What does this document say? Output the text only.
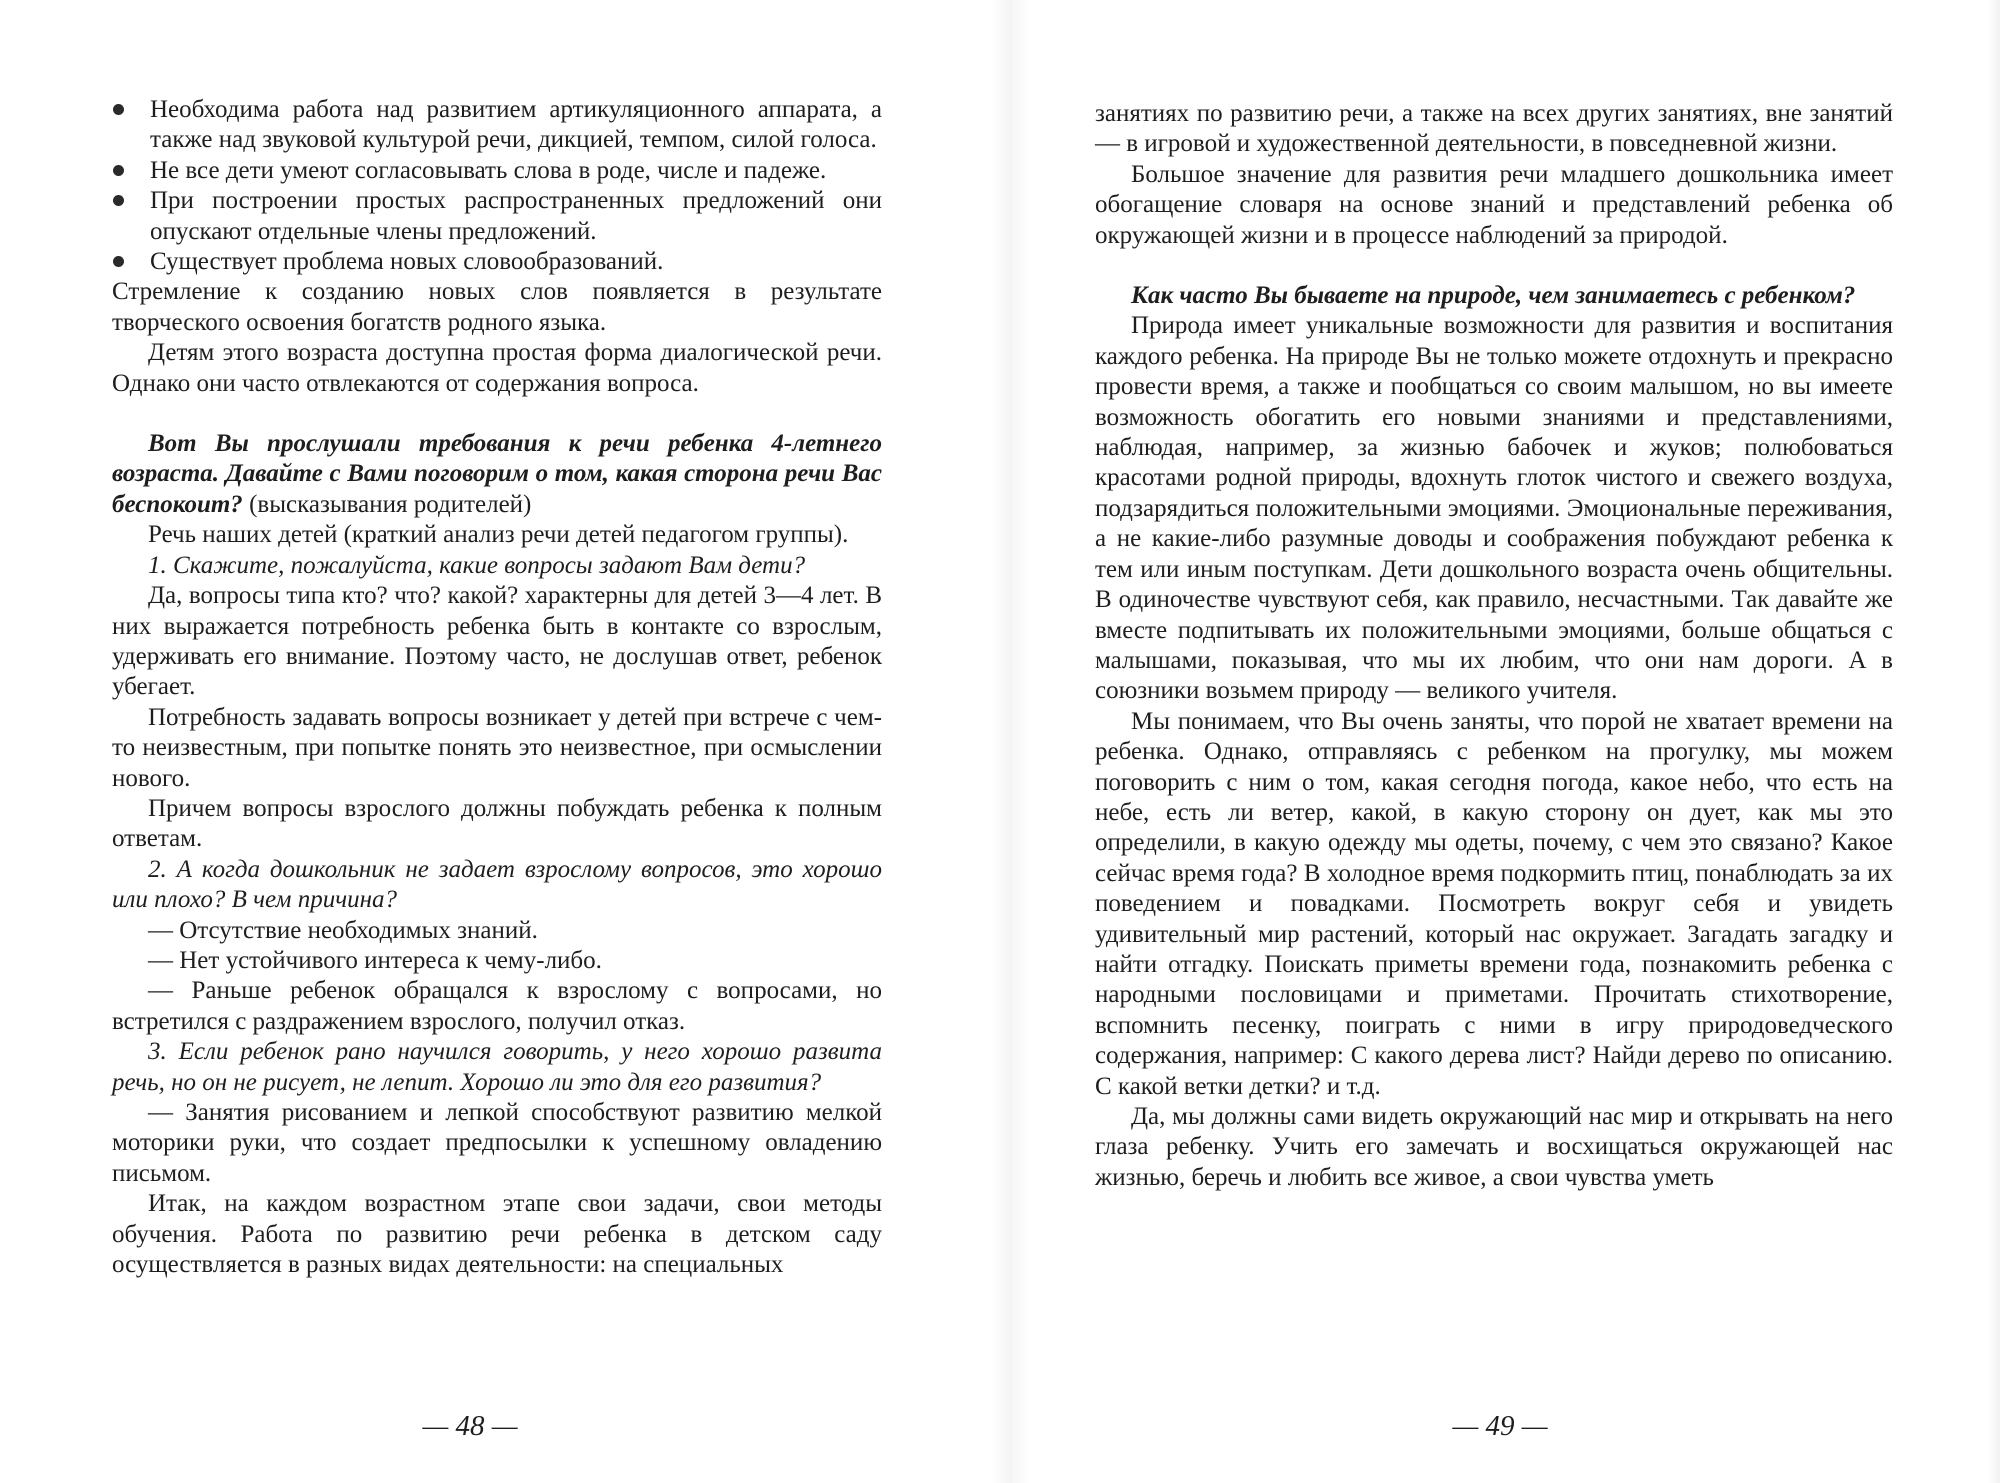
Необходима работа над развитием артикуляционного аппарата, а также над звуковой культурой речи, дикцией, темпом, силой голоса.
Не все дети умеют согласовывать слова в роде, числе и падеже.
При построении простых распространенных предложений они опускают отдельные члены предложений.
Существует проблема новых словообразований.

Стремление к созданию новых слов появляется в результате творческого освоения богатств родного языка.

Детям этого возраста доступна простая форма диалогической речи. Однако они часто отвлекаются от содержания вопроса.

Вот Вы прослушали требования к речи ребенка 4-летнего возраста. Давайте с Вами поговорим о том, какая сторона речи Вас беспокоит? (высказывания родителей)

Речь наших детей (краткий анализ речи детей педагогом группы).

1. Скажите, пожалуйста, какие вопросы задают Вам дети?

Да, вопросы типа кто? что? какой? характерны для детей 3—4 лет. В них выражается потребность ребенка быть в контакте со взрослым, удерживать его внимание. Поэтому часто, не дослушав ответ, ребенок убегает.

Потребность задавать вопросы возникает у детей при встрече с чем-то неизвестным, при попытке понять это неизвестное, при осмыслении нового.

Причем вопросы взрослого должны побуждать ребенка к полным ответам.

2. А когда дошкольник не задает взрослому вопросов, это хорошо или плохо? В чем причина?

— Отсутствие необходимых знаний.

— Нет устойчивого интереса к чему-либо.

— Раньше ребенок обращался к взрослому с вопросами, но встретился с раздражением взрослого, получил отказ.

3. Если ребенок рано научился говорить, у него хорошо развита речь, но он не рисует, не лепит. Хорошо ли это для его развития?

— Занятия рисованием и лепкой способствуют развитию мелкой моторики руки, что создает предпосылки к успешному овладению письмом.

Итак, на каждом возрастном этапе свои задачи, свои методы обучения. Работа по развитию речи ребенка в детском саду осуществляется в разных видах деятельности: на специальных

— 48 —

занятиях по развитию речи, а также на всех других занятиях, вне занятий — в игровой и художественной деятельности, в повседневной жизни.

Большое значение для развития речи младшего дошкольника имеет обогащение словаря на основе знаний и представлений ребенка об окружающей жизни и в процессе наблюдений за природой.

Как часто Вы бываете на природе, чем занимаетесь с ребенком?

Природа имеет уникальные возможности для развития и воспитания каждого ребенка. На природе Вы не только можете отдохнуть и прекрасно провести время, а также и пообщаться со своим малышом, но вы имеете возможность обогатить его новыми знаниями и представлениями, наблюдая, например, за жизнью бабочек и жуков; полюбоваться красотами родной природы, вдохнуть глоток чистого и свежего воздуха, подзарядиться положительными эмоциями. Эмоциональные переживания, а не какие-либо разумные доводы и соображения побуждают ребенка к тем или иным поступкам. Дети дошкольного возраста очень общительны. В одиночестве чувствуют себя, как правило, несчастными. Так давайте же вместе подпитывать их положительными эмоциями, больше общаться с малышами, показывая, что мы их любим, что они нам дороги. А в союзники возьмем природу — великого учителя.

Мы понимаем, что Вы очень заняты, что порой не хватает времени на ребенка. Однако, отправляясь с ребенком на прогулку, мы можем поговорить с ним о том, какая сегодня погода, какое небо, что есть на небе, есть ли ветер, какой, в какую сторону он дует, как мы это определили, в какую одежду мы одеты, почему, с чем это связано? Какое сейчас время года? В холодное время подкормить птиц, понаблюдать за их поведением и повадками. Посмотреть вокруг себя и увидеть удивительный мир растений, который нас окружает. Загадать загадку и найти отгадку. Поискать приметы времени года, познакомить ребенка с народными пословицами и приметами. Прочитать стихотворение, вспомнить песенку, поиграть с ними в игру природоведческого содержания, например: С какого дерева лист? Найди дерево по описанию. С какой ветки детки? и т.д.

Да, мы должны сами видеть окружающий нас мир и открывать на него глаза ребенку. Учить его замечать и восхищаться окружающей нас жизнью, беречь и любить все живое, а свои чувства уметь

— 49 —
